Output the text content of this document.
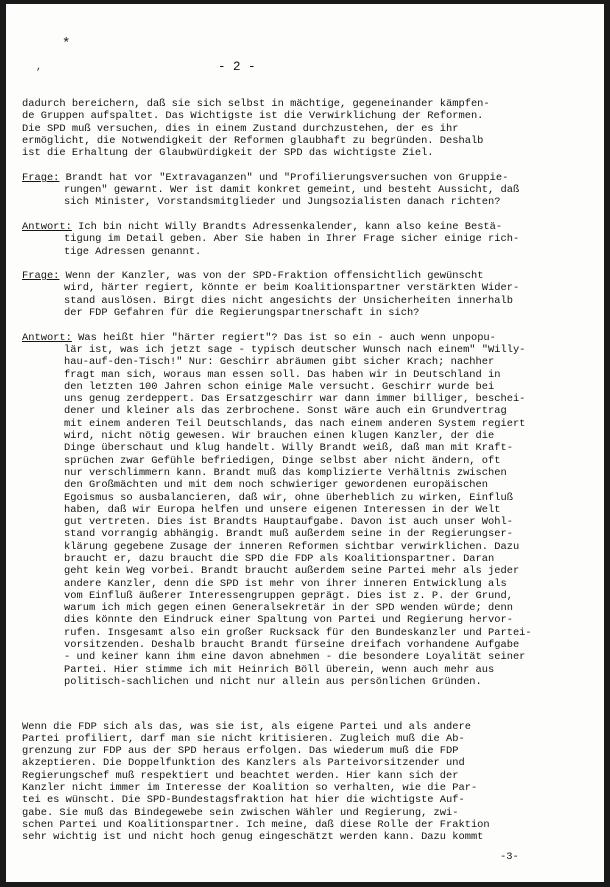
*
,	- 2 -
dadurch bereichern, daß sie sich selbst in mächtige, gegeneinander kämpfen-
de Gruppen aufspaltet. Das Wichtigste ist die Verwirklichung der Reformen.
Die SPD muß versuchen, dies in einem Zustand durchzustehen, der es ihr
ermöglicht, die Notwendigkeit der Reformen glaubhaft zu begründen. Deshalb
ist die Erhaltung der Glaubwürdigkeit der SPD das wichtigste Ziel.
Frage: Brandt hat vor "Extravaganzen" und "Profilierungsversuchen von Gruppie-
rungen" gewarnt. Wer ist damit konkret gemeint, und besteht Aussicht, daß
sich Minister, Vorstandsmitglieder und Jungsozialisten danach richten?
Antwort: Ich bin nicht Willy Brandts Adressenkalender, kann also keine Bestä-
tigung im Detail geben. Aber Sie haben in Ihrer Frage sicher einige rich-
tige Adressen genannt.
Frage: Wenn der Kanzler, was von der SPD-Fraktion offensichtlich gewünscht
wird, härter regiert, könnte er beim Koalitionspartner verstärkten Wider-
stand auslösen. Birgt dies nicht angesichts der Unsicherheiten innerhalb
der FDP Gefahren für die Regierungspartnerschaft in sich?
Antwort: Was heißt hier "härter regiert"? Das ist so ein - auch wenn unpopu-
lär ist, was ich jetzt sage - typisch deutscher Wunsch nach einem" "Willy-
hau-auf-den-Tisch!" Nur: Geschirr abräumen gibt sicher Krach; nachher
fragt man sich, woraus man essen soll. Das haben wir in Deutschland in
den letzten 100 Jahren schon einige Male versucht. Geschirr wurde bei
uns genug zerdeppert. Das Ersatzgeschirr war dann immer billiger, beschei-
dener und kleiner als das zerbrochene. Sonst wäre auch ein Grundvertrag
mit einem anderen Teil Deutschlands, das nach einem anderen System regiert
wird, nicht nötig gewesen. Wir brauchen einen klugen Kanzler, der die
Dinge überschaut und klug handelt. Willy Brandt weiß, daß man mit Kraft-
sprüchen zwar Gefühle befriedigen, Dinge selbst aber nicht ändern, oft
nur verschlimmern kann. Brandt muß das komplizierte Verhältnis zwischen
den Großmächten und mit dem noch schwieriger gewordenen europäischen
Egoismus so ausbalancieren, daß wir, ohne überheblich zu wirken, Einfluß
haben, daß wir Europa helfen und unsere eigenen Interessen in der Welt
gut vertreten. Dies ist Brandts Hauptaufgabe. Davon ist auch unser Wohl-
stand vorrangig abhängig. Brandt muß außerdem seine in der Regierungser-
klärung gegebene Zusage der inneren Reformen sichtbar verwirklichen. Dazu
braucht er, dazu braucht die SPD die FDP als Koalitionspartner. Daran
geht kein Weg vorbei. Brandt braucht außerdem seine Partei mehr als jeder
andere Kanzler, denn die SPD ist mehr von ihrer inneren Entwicklung als
vom Einfluß äußerer Interessengruppen geprägt. Dies ist z. P. der Grund,
warum ich mich gegen einen Generalsekretär in der SPD wenden würde; denn
dies könnte den Eindruck einer Spaltung von Partei und Regierung hervor-
rufen. Insgesamt also ein großer Rucksack für den Bundeskanzler und Partei-
vorsitzenden. Deshalb braucht Brandt fürseine dreifach vorhandene Aufgabe
- und keiner kann ihm eine davon abnehmen - die besondere Loyalität seiner
Partei. Hier stimme ich mit Heinrich Böll überein, wenn auch mehr aus
politisch-sachlichen und nicht nur allein aus persönlichen Gründen.
Wenn die FDP sich als das, was sie ist, als eigene Partei und als andere
Partei profiliert, darf man sie nicht kritisieren. Zugleich muß die Ab-
grenzung zur FDP aus der SPD heraus erfolgen. Das wiederum muß die FDP
akzeptieren. Die Doppelfunktion des Kanzlers als Parteivorsitzender und
Regierungschef muß respektiert und beachtet werden. Hier kann sich der
Kanzler nicht immer im Interesse der Koalition so verhalten, wie die Par-
tei es wünscht. Die SPD-Bundestagsfraktion hat hier die wichtigste Auf-
gabe. Sie muß das Bindegewebe sein zwischen Wähler und Regierung, zwi-
schen Partei und Koalitionspartner. Ich meine, daß diese Rolle der Fraktion
sehr wichtig ist und nicht hoch genug eingeschätzt werden kann. Dazu kommt
-3-
